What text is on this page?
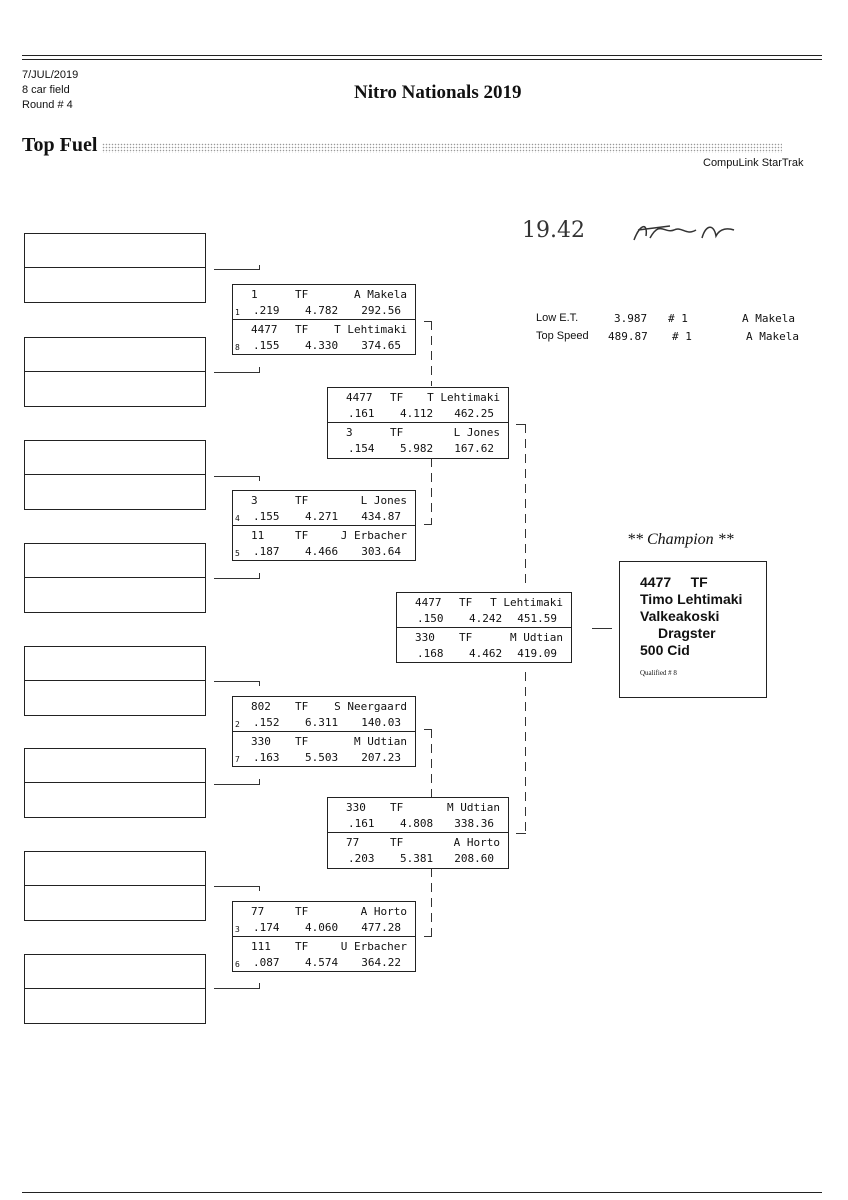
7/JUL/2019
8 car field
Round # 4
Nitro Nationals 2019
Top Fuel
CompuLink StarTrak
19.42
Low E.T.	3.987 # 1	A Makela
Top Speed 489.87 # 1	A Makela
1	TF	A Makela
1 .219 4.782 292.56
4477 TF T Lehtimaki
8 .155 4.330 374.65
3	TF	L Jones
4 .155 4.271 434.87
11	TF	J Erbacher
5 .187 4.466 303.64
802 TF S Neergaard
2 .152 6.311 140.03
330 TF	M Udtian
7 .163 5.503 207.23
77	TF	A Horto
3 .174 4.060 477.28
111 TF	U Erbacher
6 .087 4.574 364.22
4477 TF T Lehtimaki
.161 4.112 462.25
3	TF	L Jones
.154 5.982 167.62
330 TF	M Udtian
.161 4.808 338.36
77	TF	A Horto
.203 5.381 208.60
4477 TF T Lehtimaki
.150 4.242 451.59
330 TF	M Udtian
.168 4.462 419.09
** Champion **
4477     TF
Timo Lehtimaki
Valkeakoski
Dragster
500 Cid
Qualified # 8
